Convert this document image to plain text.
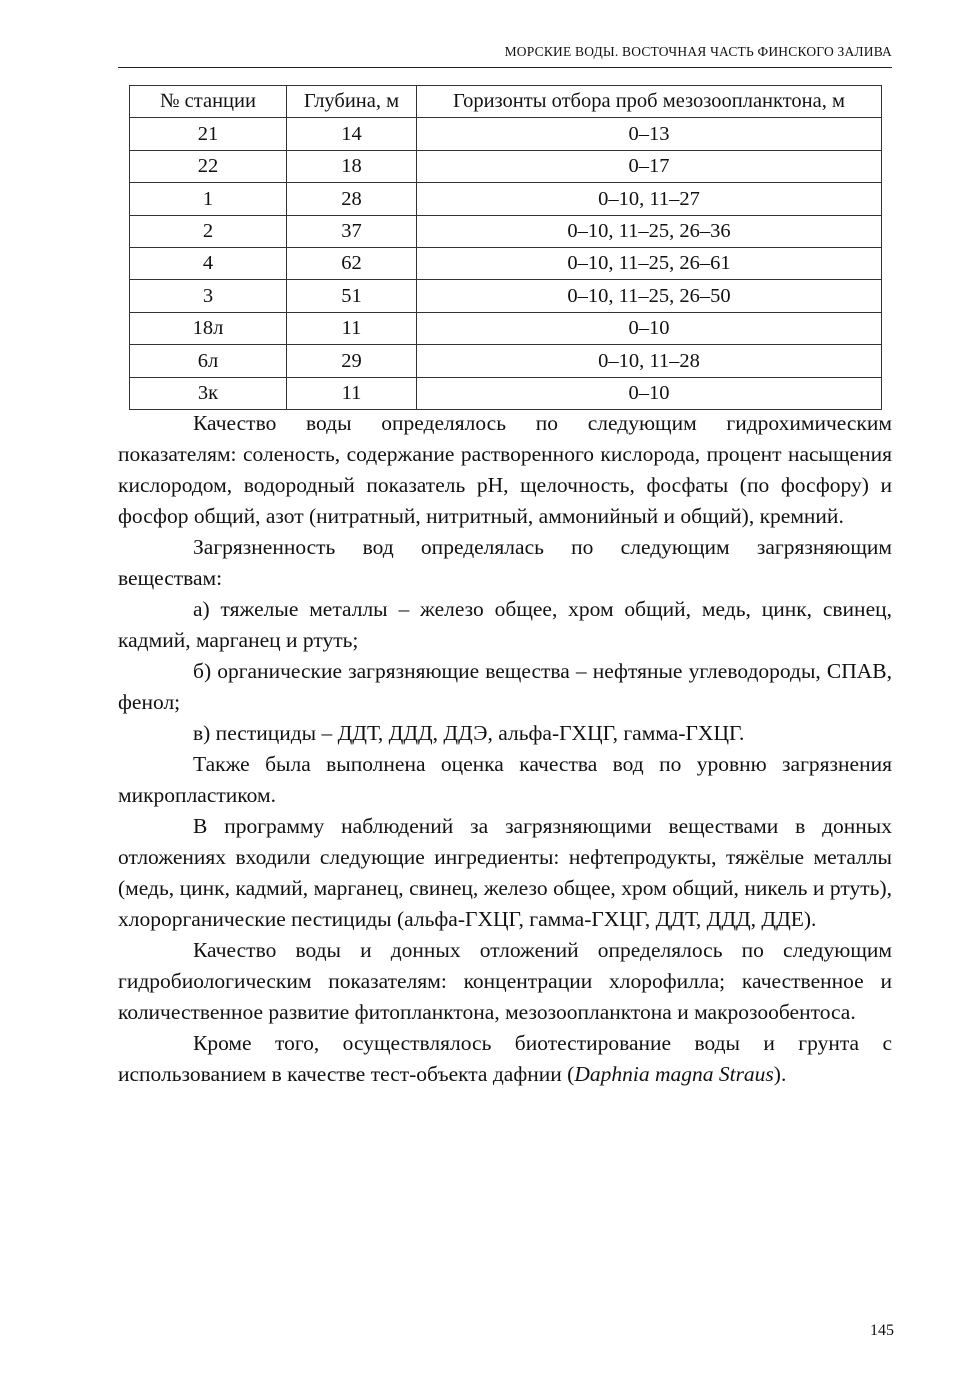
МОРСКИЕ ВОДЫ. ВОСТОЧНАЯ ЧАСТЬ ФИНСКОГО ЗАЛИВА
№ станции	Глубина, м	Горизонты отбора проб мезозоопланктона, м
21	14	0–13
22	18	0–17
1	28	0–10, 11–27
2	37	0–10, 11–25, 26–36
4	62	0–10, 11–25, 26–61
3	51	0–10, 11–25, 26–50
18л	11	0–10
6л	29	0–10, 11–28
3к	11	0–10

Качество воды определялось по следующим гидрохимическим показателям: соленость, содержание растворенного кислорода, процент насыщения кислородом, водородный показатель pH, щелочность, фосфаты (по фосфору) и фосфор общий, азот (нитратный, нитритный, аммонийный и общий), кремний.

Загрязненность вод определялась по следующим загрязняющим веществам:

а) тяжелые металлы – железо общее, хром общий, медь, цинк, свинец, кадмий, марганец и ртуть;

б) органические загрязняющие вещества – нефтяные углеводороды, СПАВ, фенол;

в) пестициды – ДДТ, ДДД, ДДЭ, альфа-ГХЦГ, гамма-ГХЦГ.

Также была выполнена оценка качества вод по уровню загрязнения микропластиком.

В программу наблюдений за загрязняющими веществами в донных отложениях входили следующие ингредиенты: нефтепродукты, тяжёлые металлы (медь, цинк, кадмий, марганец, свинец, железо общее, хром общий, никель и ртуть), хлорорганические пестициды (альфа-ГХЦГ, гамма-ГХЦГ, ДДТ, ДДД, ДДЕ).

Качество воды и донных отложений определялось по следующим гидробиологическим показателям: концентрации хлорофилла; качественное и количественное развитие фитопланктона, мезозоопланктона и макрозообентоса.

Кроме того, осуществлялось биотестирование воды и грунта с использованием в качестве тест-объекта дафнии (Daphnia magna Straus).

145
